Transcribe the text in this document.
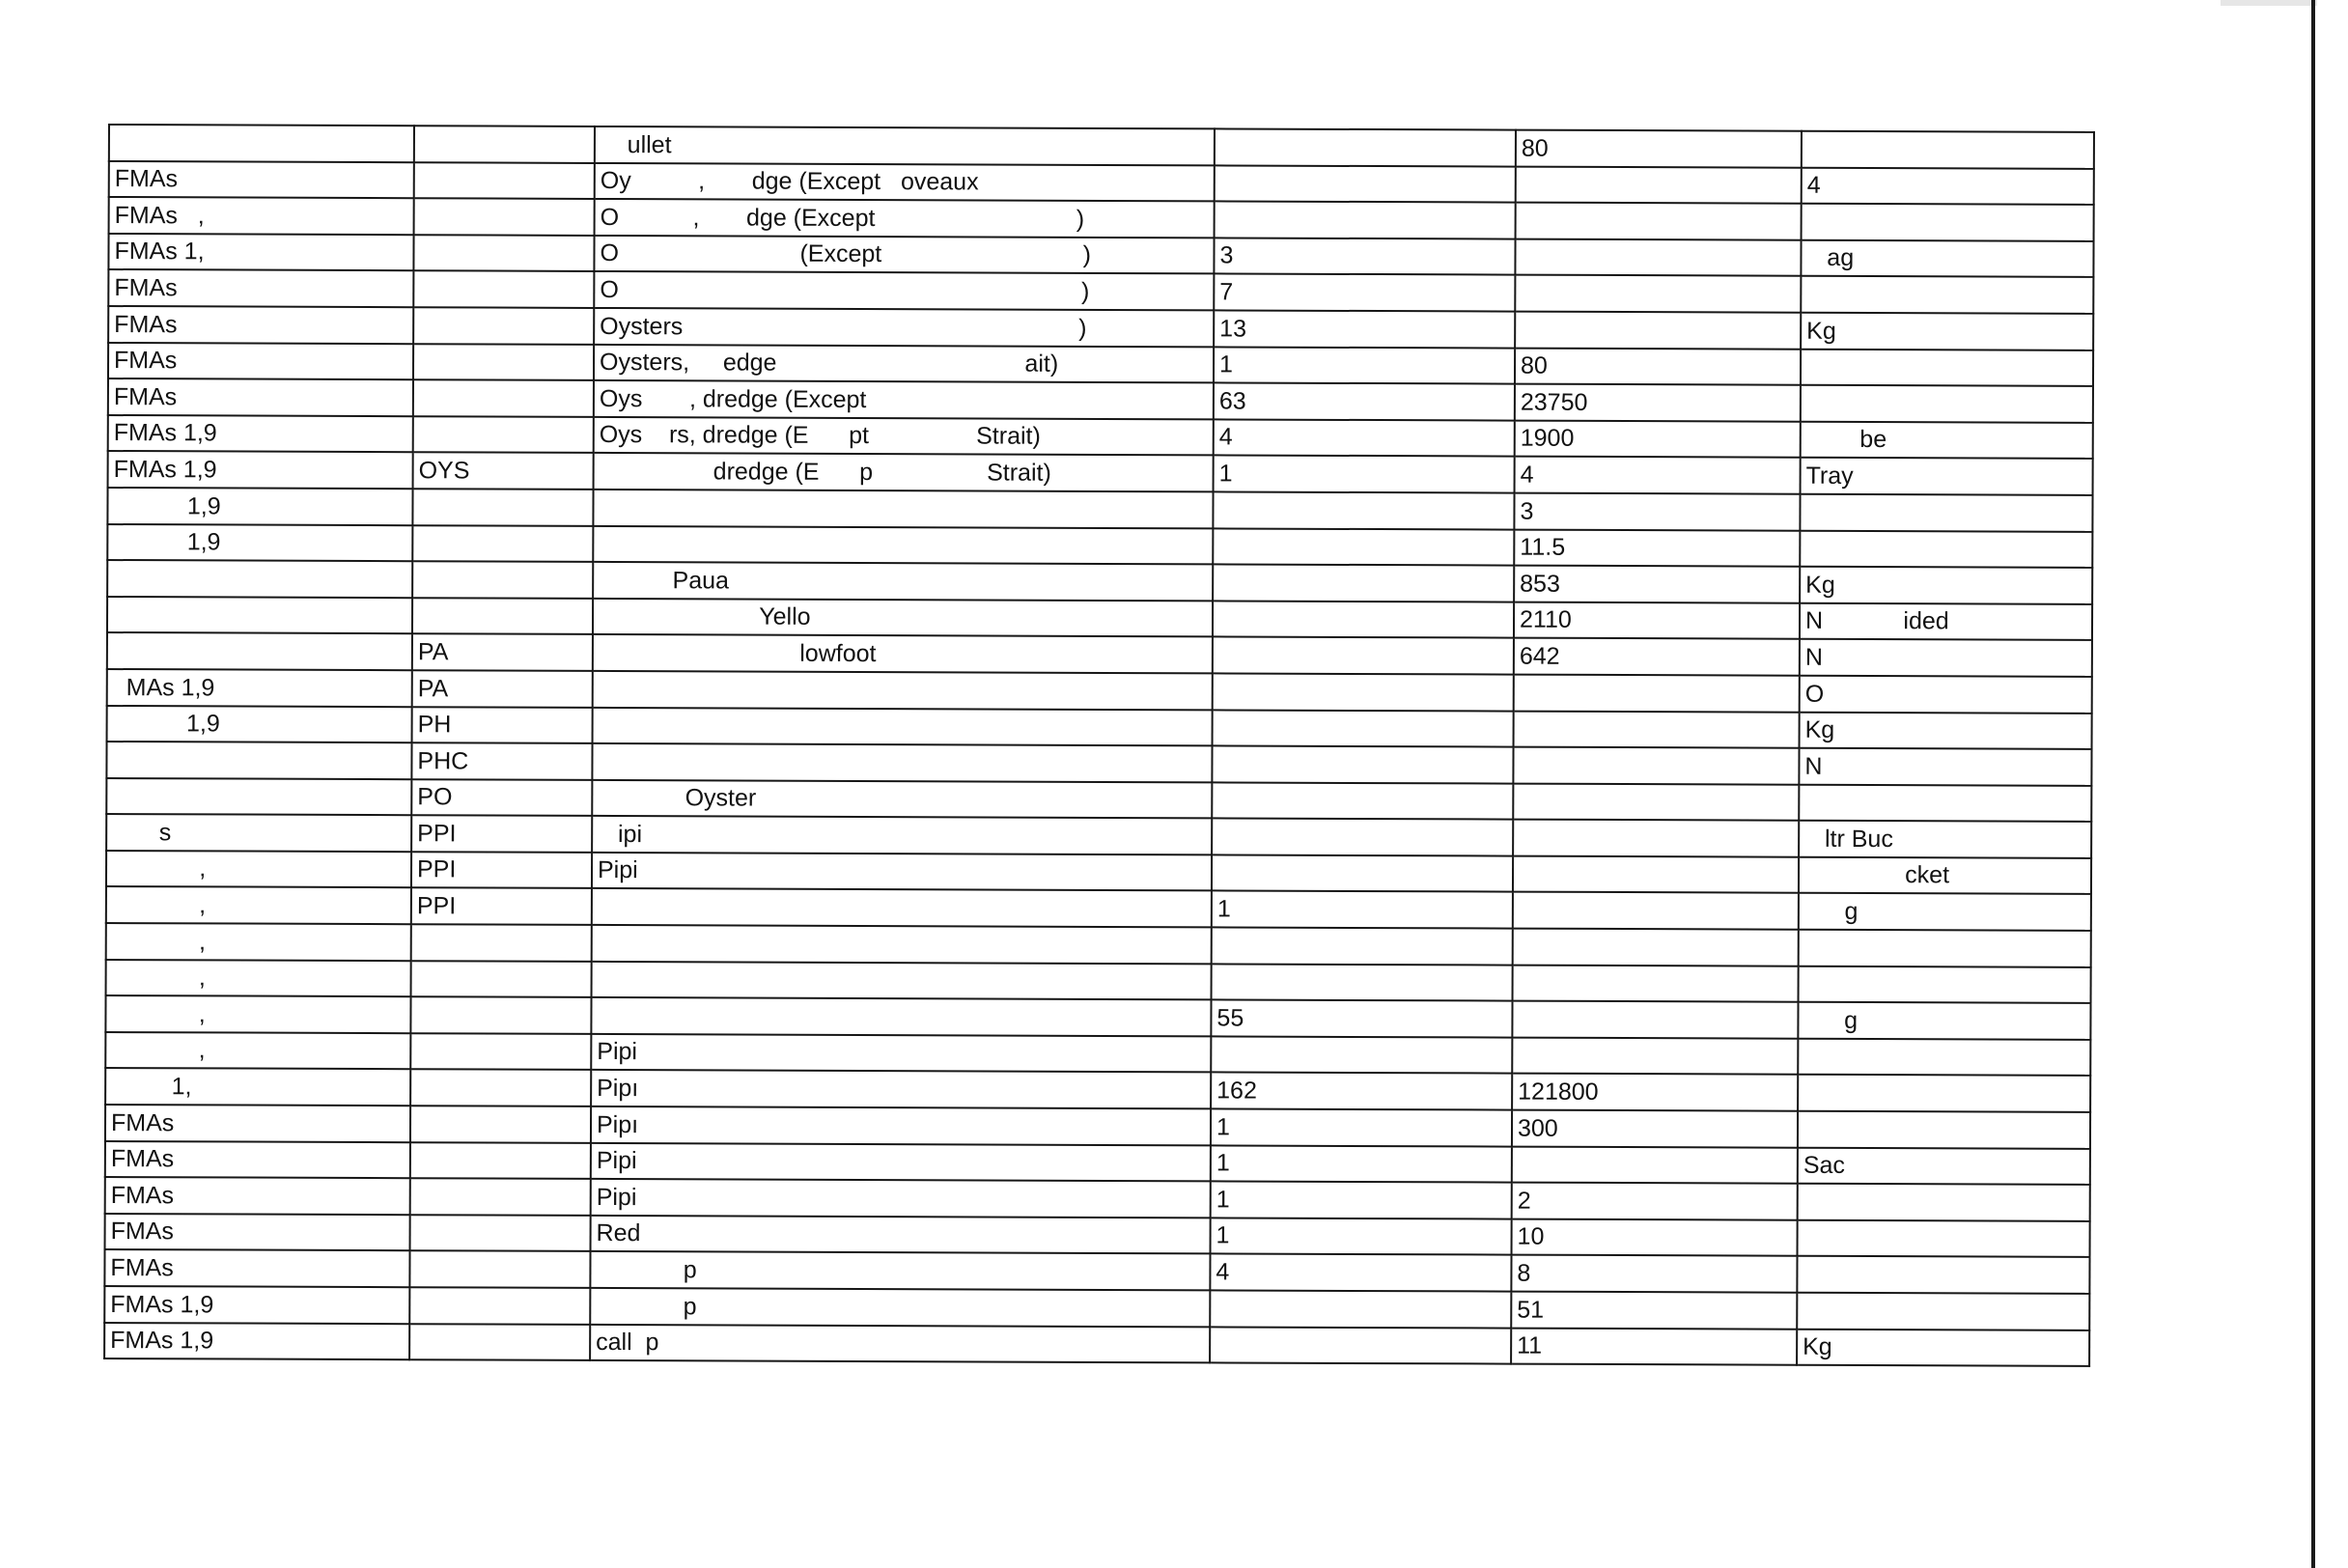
		ullet		80	
FMAs		Oy          ,       dge (Except   oveaux			4
FMAs   ,		O           ,       dge (Except                              )			
FMAs 1,		O                           (Except                              )	3		ag
FMAs		O                                                                     )	7		
FMAs		Oysters                                                           )	13		Kg
FMAs		Oysters,     edge                                     ait)	1	80	
FMAs		Oys       , dredge (Except	63	23750	
FMAs 1,9		Oys    rs, dredge (E      pt                Strait)	4	1900	be
FMAs 1,9	OYS	dredge (E      p                 Strait)	1	4	Tray
1,9				3	
1,9				11.5	
		Paua		853	Kg
		Yello		2110	N            ided
	PA	lowfoot		642	N
MAs 1,9	PA				O
1,9	PH				Kg
	PHC				N
	PO	Oyster			
s	PPI	ipi			ltr Buc
,	PPI	Pipi			cket
,	PPI		1		g
,					
,					
,			55		g
,		Pipi			
1,		Pipı	162	121800	
FMAs		Pipı	1	300	
FMAs		Pipi	1		Sac
FMAs		Pipi	1	2	
FMAs		Red	1	10	
FMAs		p	4	8	
FMAs 1,9		p		51	
FMAs 1,9		call  p		11	Kg
